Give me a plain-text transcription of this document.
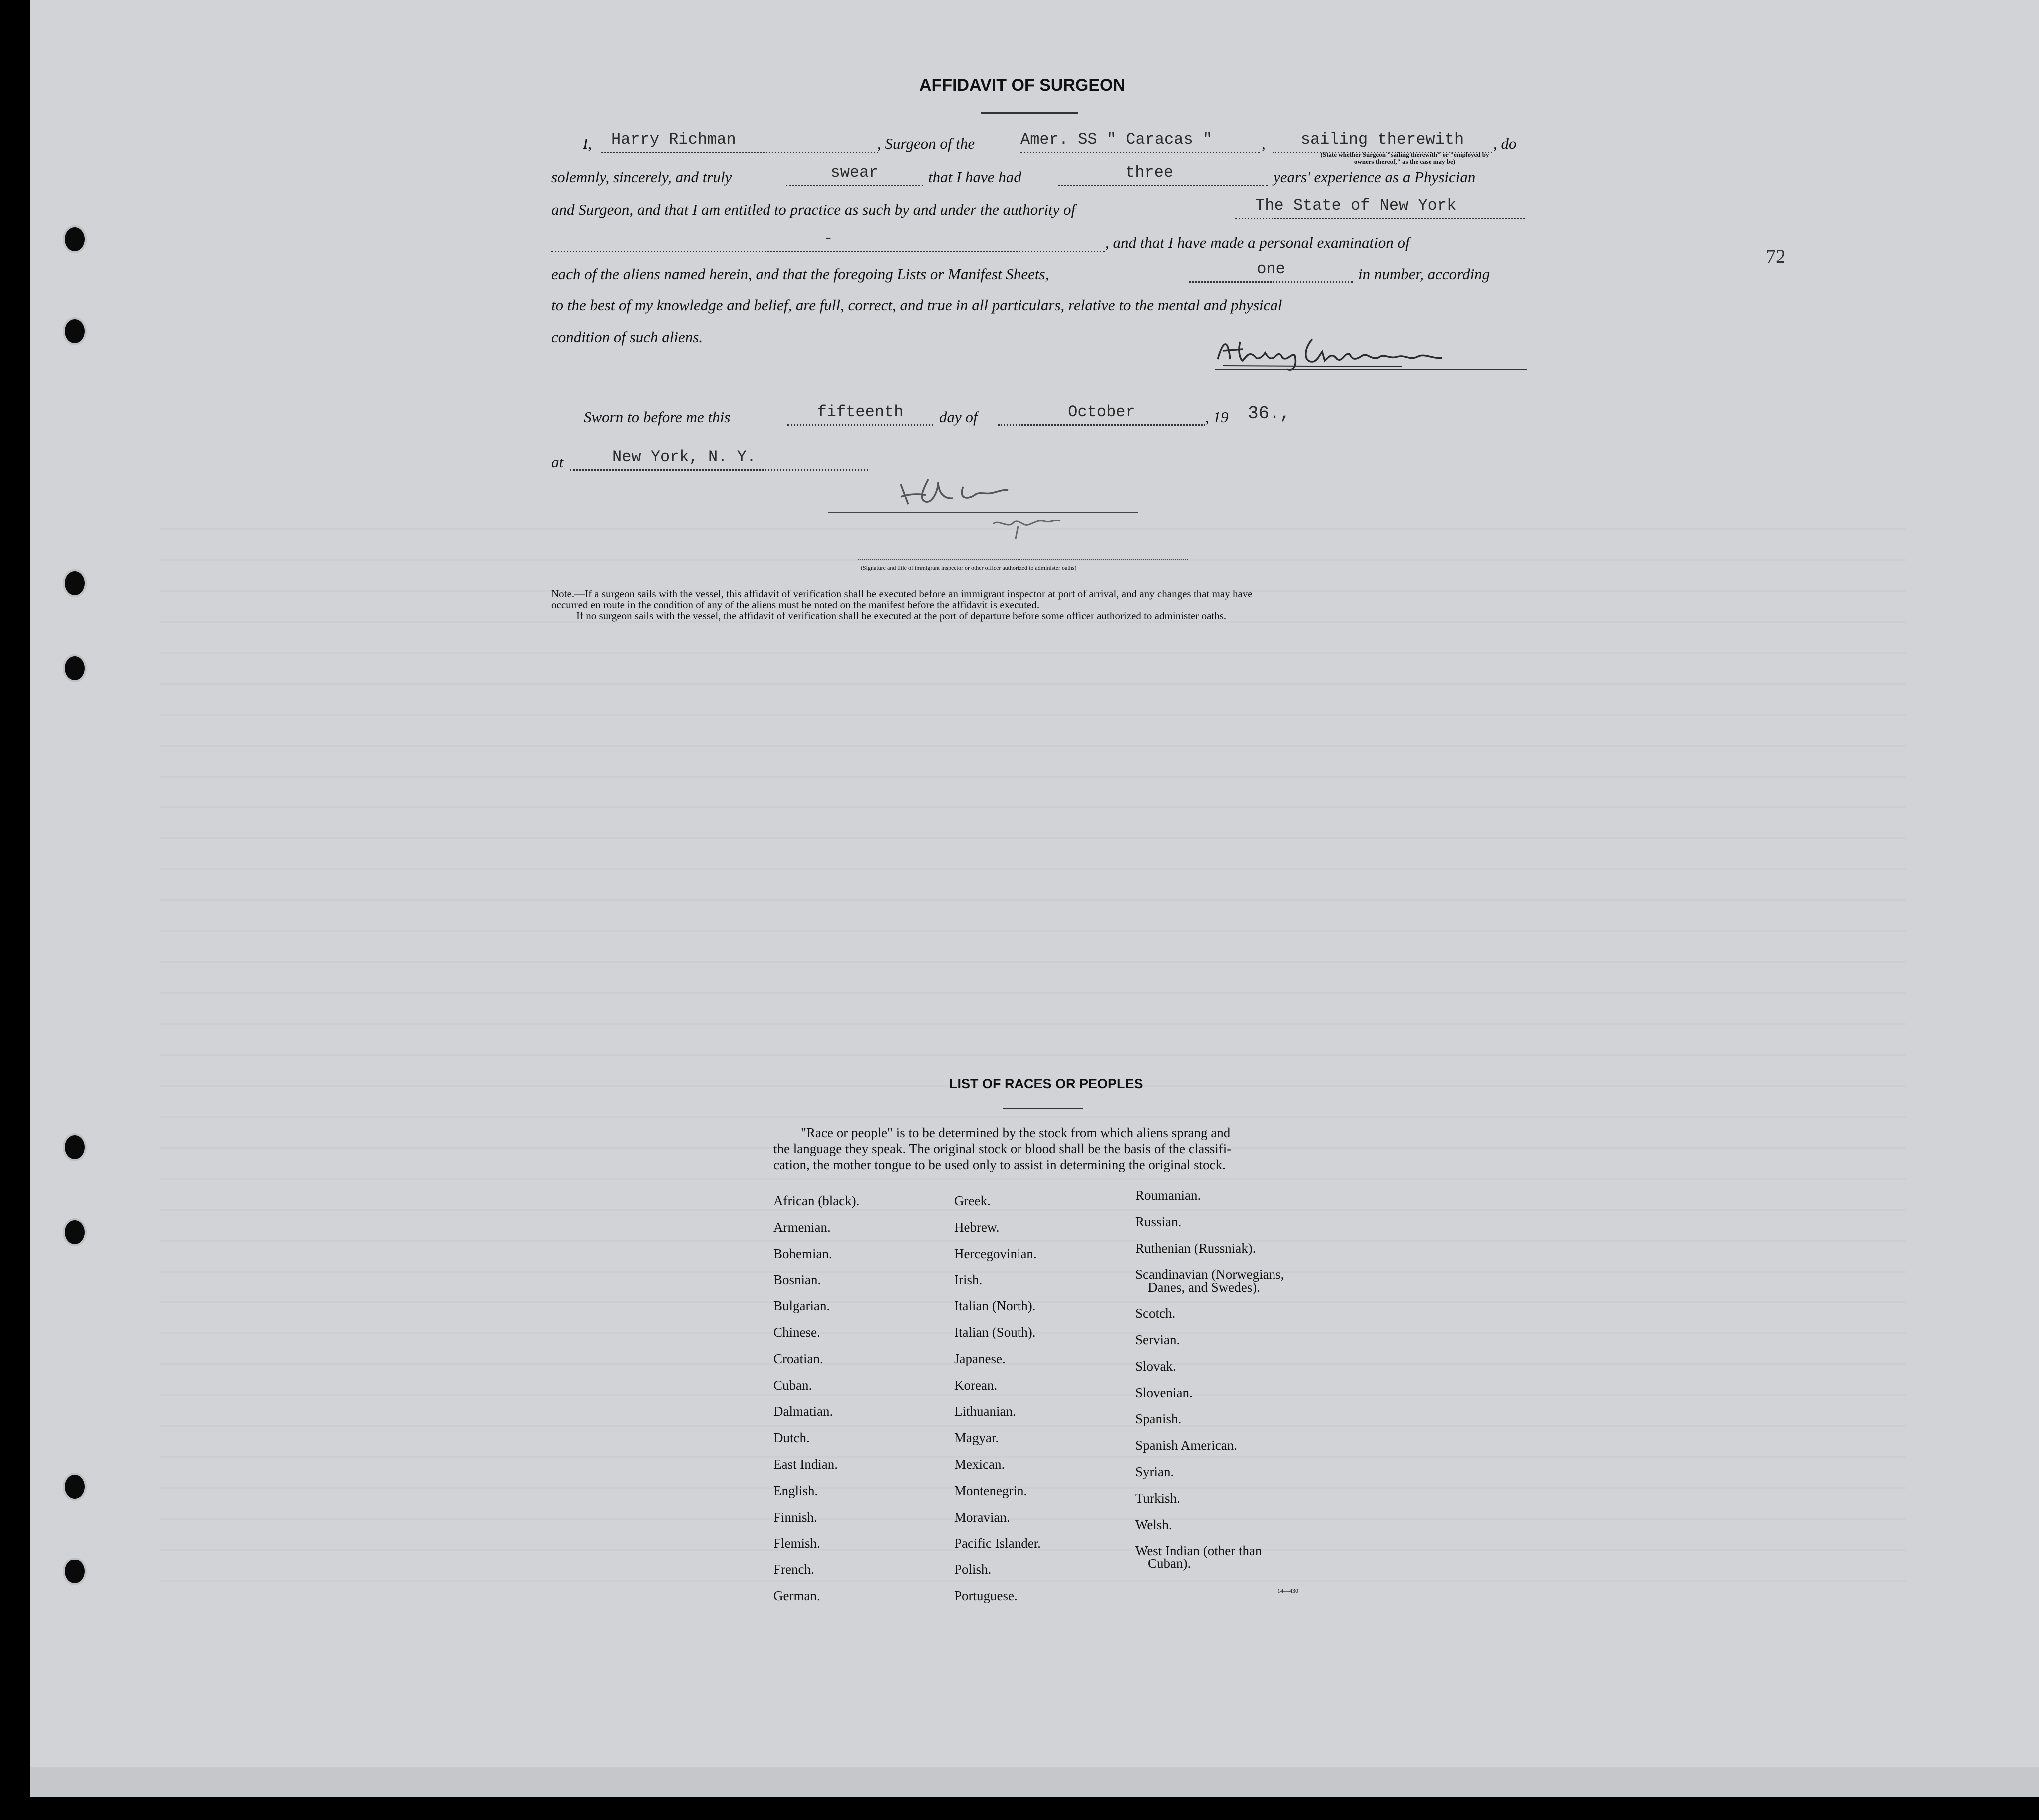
72
AFFIDAVIT OF SURGEON
I, Harry Richman	, Surgeon of the	Amer. SS " Caracas "	,	sailing therewith	, do
(State whether Surgeon "sailing therewith" or "employed by owners thereof," as the case may be)
solemnly, sincerely, and truly	swear	that I have had	three	years' experience as a Physician
and Surgeon, and that I am entitled to practice as such by and under the authority of	The State of New York
-	, and that I have made a personal examination of
each of the aliens named herein, and that the foregoing Lists or Manifest Sheets,	one	in number, according
to the best of my knowledge and belief, are full, correct, and true in all particulars, relative to the mental and physical
condition of such aliens.
Sworn to before me this	fifteenth	day of	October	, 19 36.,
at	New York, N. Y.
(Signature and title of immigrant inspector or other officer authorized to administer oaths)
Note.—If a surgeon sails with the vessel, this affidavit of verification shall be executed before an immigrant inspector at port of arrival, and any changes that may have
occurred en route in the condition of any of the aliens must be noted on the manifest before the affidavit is executed.
If no surgeon sails with the vessel, the affidavit of verification shall be executed at the port of departure before some officer authorized to administer oaths.
LIST OF RACES OR PEOPLES
"Race or people" is to be determined by the stock from which aliens sprang and
the language they speak. The original stock or blood shall be the basis of the classifi-
cation, the mother tongue to be used only to assist in determining the original stock.
African (black).
Armenian.
Bohemian.
Bosnian.
Bulgarian.
Chinese.
Croatian.
Cuban.
Dalmatian.
Dutch.
East Indian.
English.
Finnish.
Flemish.
French.
German.
Greek.
Hebrew.
Hercegovinian.
Irish.
Italian (North).
Italian (South).
Japanese.
Korean.
Lithuanian.
Magyar.
Mexican.
Montenegrin.
Moravian.
Pacific Islander.
Polish.
Portuguese.
Roumanian.
Russian.
Ruthenian (Russniak).
Scandinavian (Norwegians,
Danes, and Swedes).
Scotch.
Servian.
Slovak.
Slovenian.
Spanish.
Spanish American.
Syrian.
Turkish.
Welsh.
West Indian (other than
Cuban).
14—430
